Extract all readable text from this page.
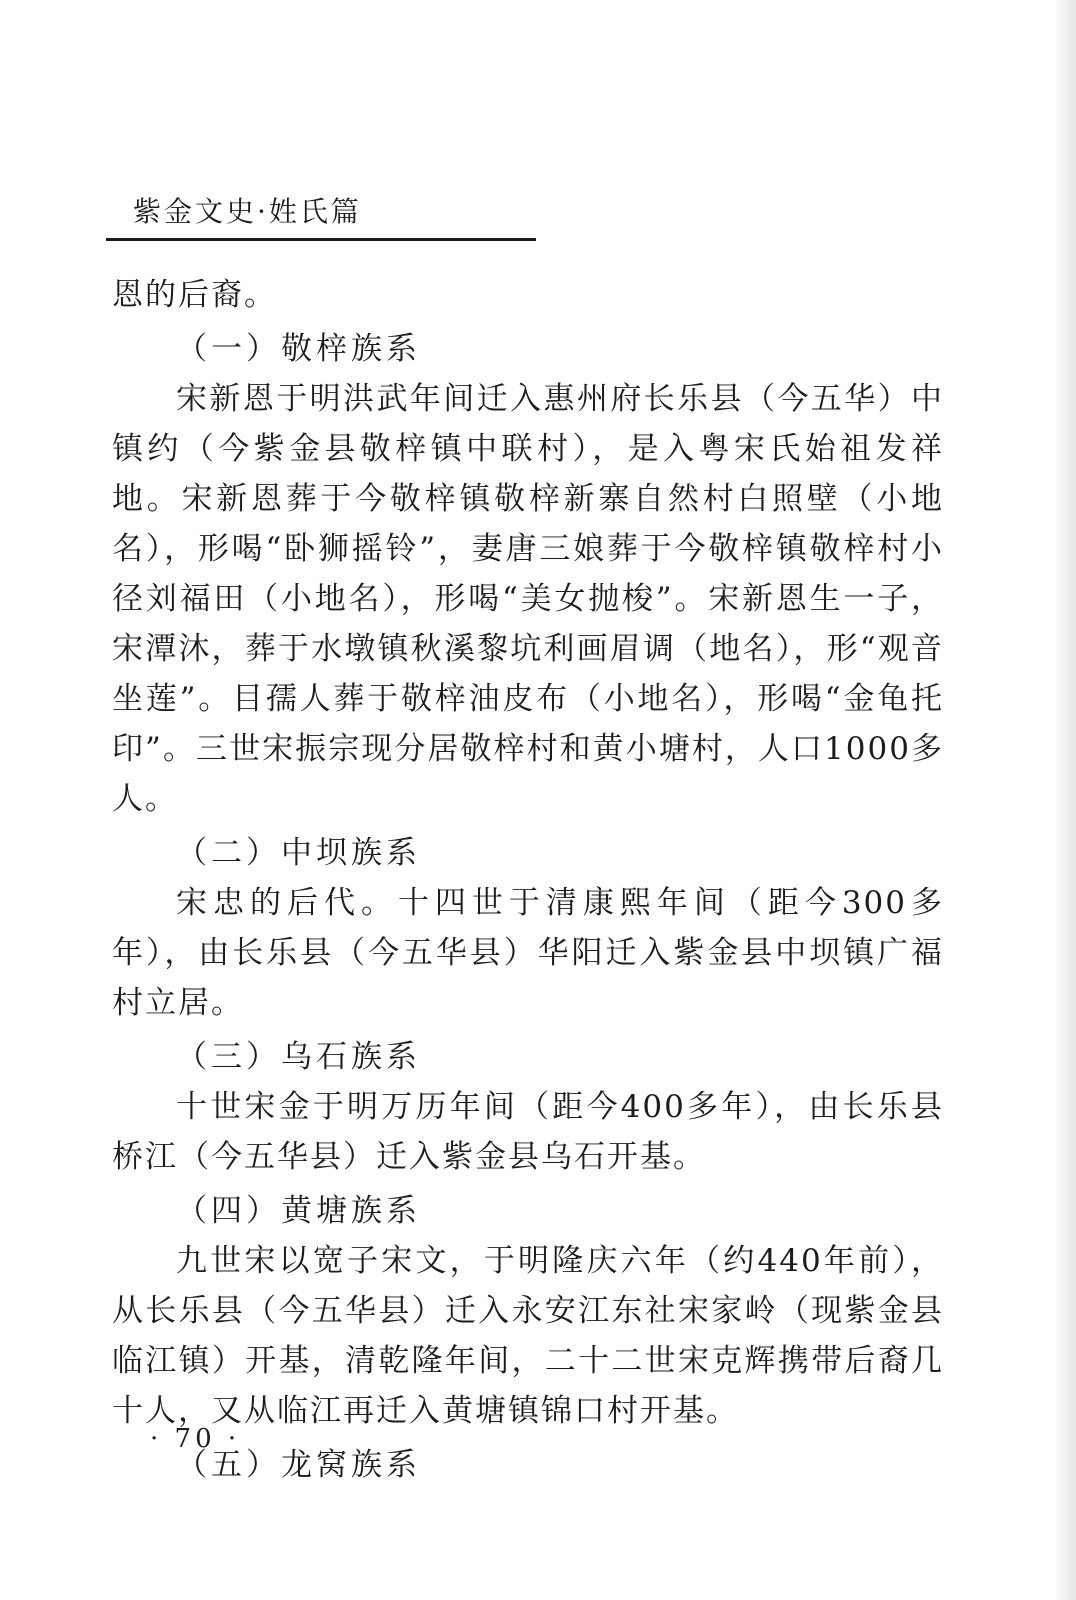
紫金文史·姓氏篇

恩的后裔。

（一）敬梓族系

宋新恩于明洪武年间迁入惠州府长乐县（今五华）中镇约（今紫金县敬梓镇中联村），是入粤宋氏始祖发祥地。宋新恩葬于今敬梓镇敬梓新寨自然村白照壁（小地名），形喝“卧狮摇铃”，妻唐三娘葬于今敬梓镇敬梓村小径刘福田（小地名），形喝“美女抛梭”。宋新恩生一子，宋潭沐，葬于水墩镇秋溪黎坑利画眉调（地名），形“观音坐莲”。目孺人葬于敬梓油皮布（小地名），形喝“金龟托印”。三世宋振宗现分居敬梓村和黄小塘村，人口1000多人。

（二）中坝族系

宋忠的后代。十四世于清康熙年间（距今300多年），由长乐县（今五华县）华阳迁入紫金县中坝镇广福村立居。

（三）乌石族系

十世宋金于明万历年间（距今400多年），由长乐县桥江（今五华县）迁入紫金县乌石开基。

（四）黄塘族系

九世宋以宽子宋文，于明隆庆六年（约440年前），从长乐县（今五华县）迁入永安江东社宋家岭（现紫金县临江镇）开基，清乾隆年间，二十二世宋克辉携带后裔几十人，又从临江再迁入黄塘镇锦口村开基。

（五）龙窝族系

· 70 ·
